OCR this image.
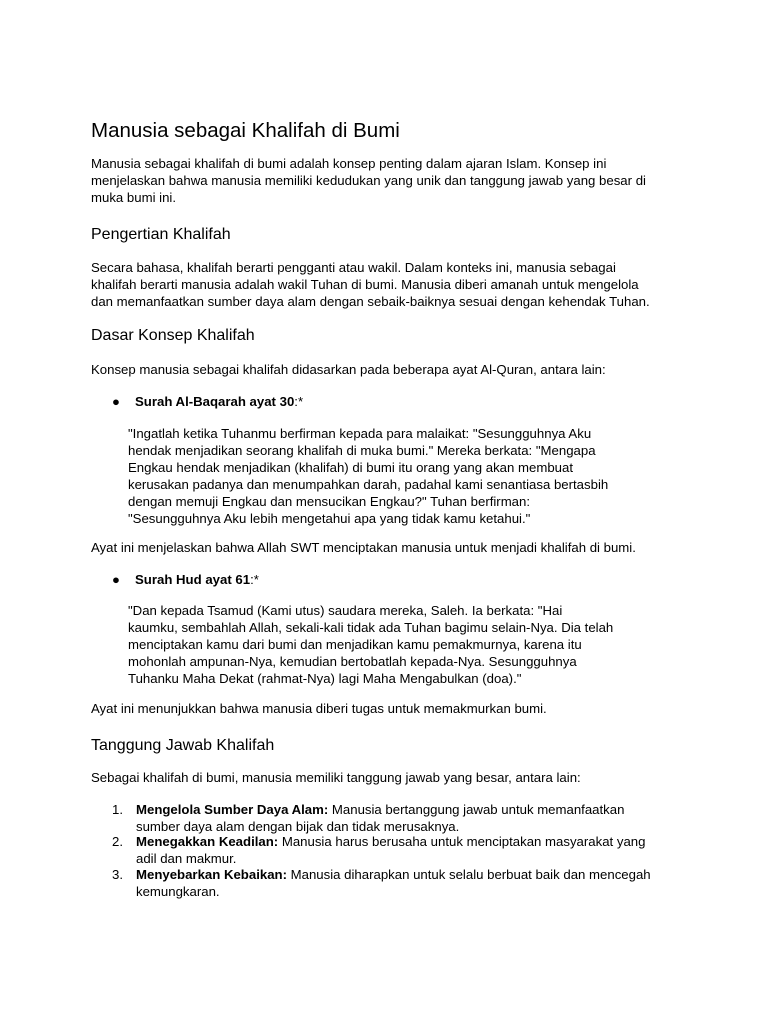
Manusia sebagai Khalifah di Bumi

Manusia sebagai khalifah di bumi adalah konsep penting dalam ajaran Islam. Konsep ini
menjelaskan bahwa manusia memiliki kedudukan yang unik dan tanggung jawab yang besar di
muka bumi ini.

Pengertian Khalifah

Secara bahasa, khalifah berarti pengganti atau wakil. Dalam konteks ini, manusia sebagai
khalifah berarti manusia adalah wakil Tuhan di bumi. Manusia diberi amanah untuk mengelola
dan memanfaatkan sumber daya alam dengan sebaik-baiknya sesuai dengan kehendak Tuhan.

Dasar Konsep Khalifah

Konsep manusia sebagai khalifah didasarkan pada beberapa ayat Al-Quran, antara lain:

● Surah Al-Baqarah ayat 30:*
"Ingatlah ketika Tuhanmu berfirman kepada para malaikat: "Sesungguhnya Aku
hendak menjadikan seorang khalifah di muka bumi." Mereka berkata: "Mengapa
Engkau hendak menjadikan (khalifah) di bumi itu orang yang akan membuat
kerusakan padanya dan menumpahkan darah, padahal kami senantiasa bertasbih
dengan memuji Engkau dan mensucikan Engkau?" Tuhan berfirman:
"Sesungguhnya Aku lebih mengetahui apa yang tidak kamu ketahui."

Ayat ini menjelaskan bahwa Allah SWT menciptakan manusia untuk menjadi khalifah di bumi.

● Surah Hud ayat 61:*
"Dan kepada Tsamud (Kami utus) saudara mereka, Saleh. Ia berkata: "Hai
kaumku, sembahlah Allah, sekali-kali tidak ada Tuhan bagimu selain-Nya. Dia telah
menciptakan kamu dari bumi dan menjadikan kamu pemakmurnya, karena itu
mohonlah ampunan-Nya, kemudian bertobatlah kepada-Nya. Sesungguhnya
Tuhanku Maha Dekat (rahmat-Nya) lagi Maha Mengabulkan (doa)."

Ayat ini menunjukkan bahwa manusia diberi tugas untuk memakmurkan bumi.

Tanggung Jawab Khalifah

Sebagai khalifah di bumi, manusia memiliki tanggung jawab yang besar, antara lain:

1. Mengelola Sumber Daya Alam: Manusia bertanggung jawab untuk memanfaatkan
sumber daya alam dengan bijak dan tidak merusaknya.
2. Menegakkan Keadilan: Manusia harus berusaha untuk menciptakan masyarakat yang
adil dan makmur.
3. Menyebarkan Kebaikan: Manusia diharapkan untuk selalu berbuat baik dan mencegah
kemungkaran.
